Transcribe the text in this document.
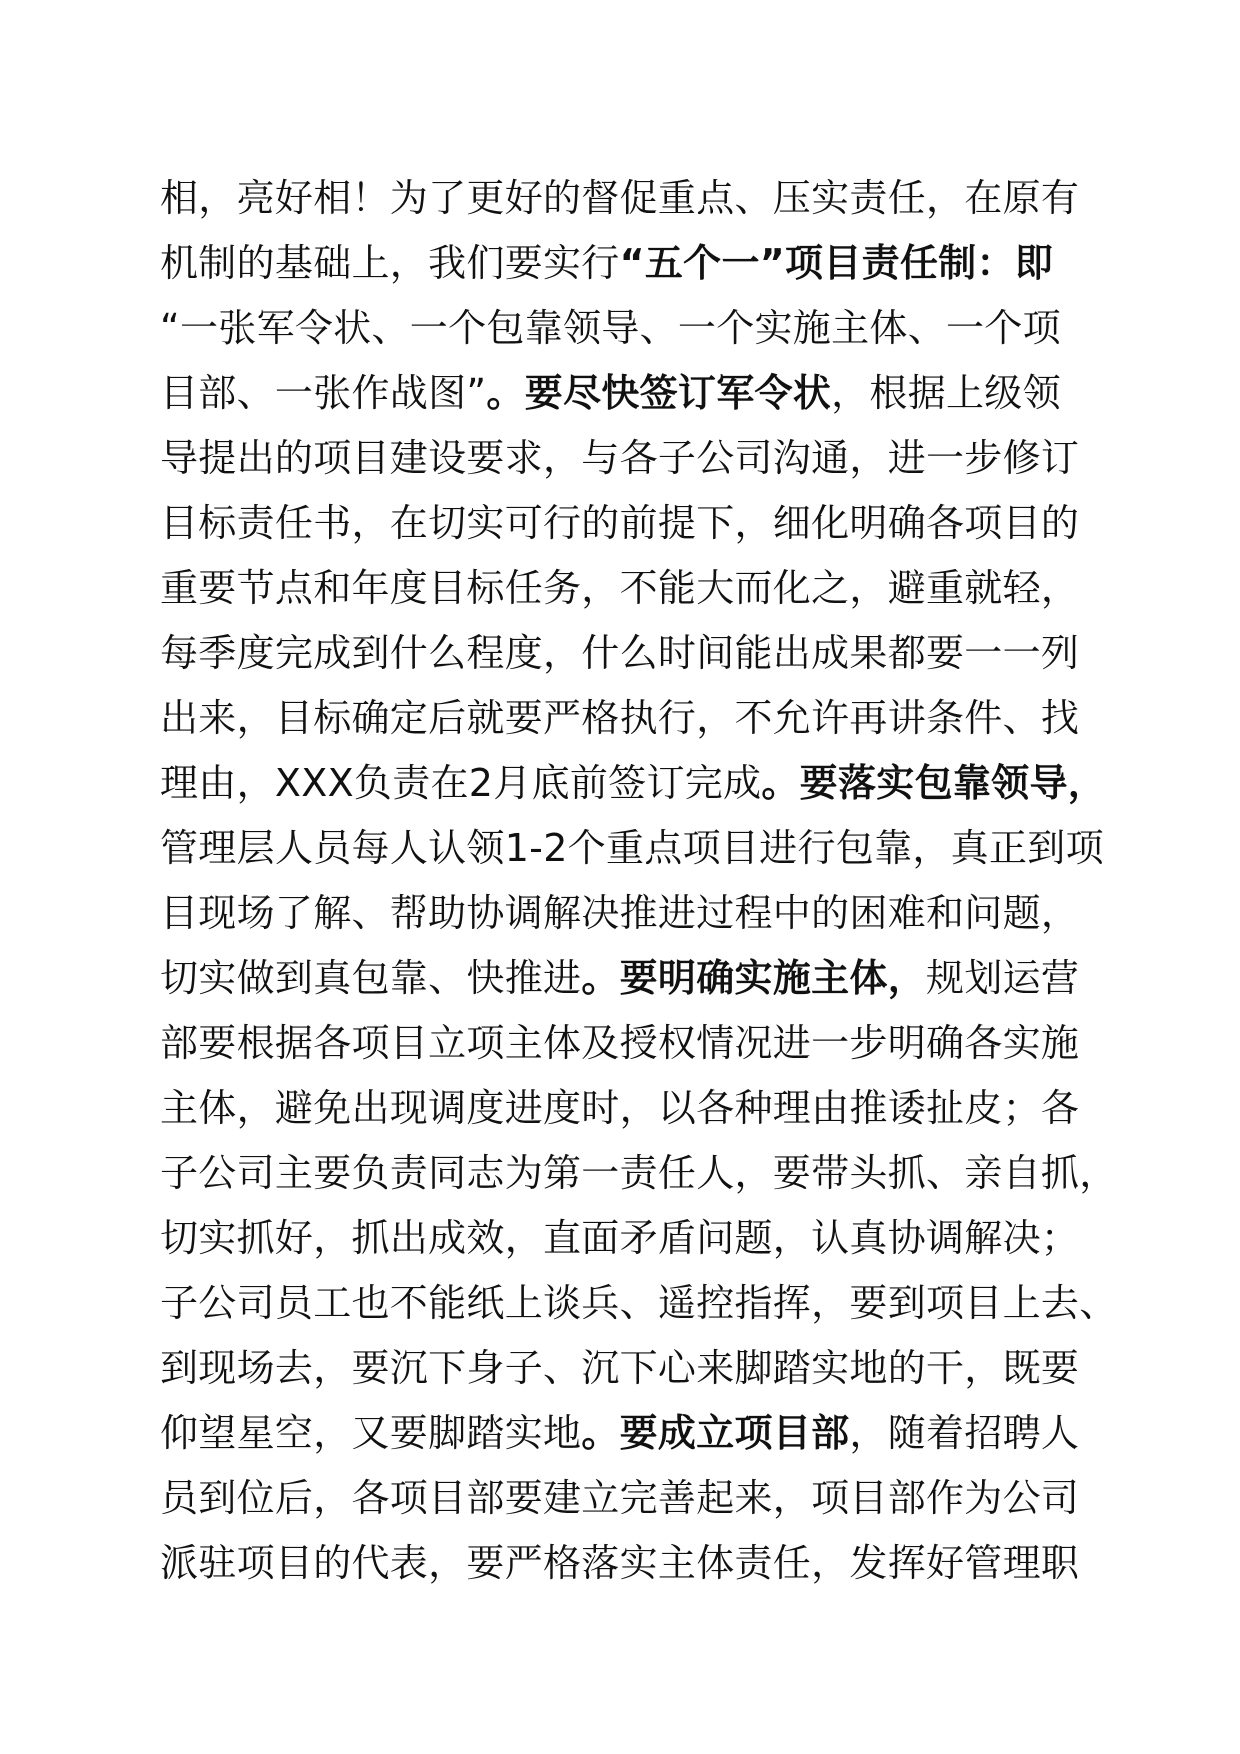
相，亮好相！为了更好的督促重点、压实责任，在原有
机制的基础上，我们要实行“五个一”项目责任制：即
“一张军令状、一个包靠领导、一个实施主体、一个项
目部、一张作战图”。要尽快签订军令状，根据上级领
导提出的项目建设要求，与各子公司沟通，进一步修订
目标责任书，在切实可行的前提下，细化明确各项目的
重要节点和年度目标任务，不能大而化之，避重就轻，
每季度完成到什么程度，什么时间能出成果都要一一列
出来，目标确定后就要严格执行，不允许再讲条件、找
理由，XXX负责在2月底前签订完成。要落实包靠领导，
管理层人员每人认领1-2个重点项目进行包靠，真正到项
目现场了解、帮助协调解决推进过程中的困难和问题，
切实做到真包靠、快推进。要明确实施主体，规划运营
部要根据各项目立项主体及授权情况进一步明确各实施
主体，避免出现调度进度时，以各种理由推诿扯皮；各
子公司主要负责同志为第一责任人，要带头抓、亲自抓，
切实抓好，抓出成效，直面矛盾问题，认真协调解决；
子公司员工也不能纸上谈兵、遥控指挥，要到项目上去、
到现场去，要沉下身子、沉下心来脚踏实地的干，既要
仰望星空，又要脚踏实地。要成立项目部，随着招聘人
员到位后，各项目部要建立完善起来，项目部作为公司
派驻项目的代表，要严格落实主体责任，发挥好管理职
